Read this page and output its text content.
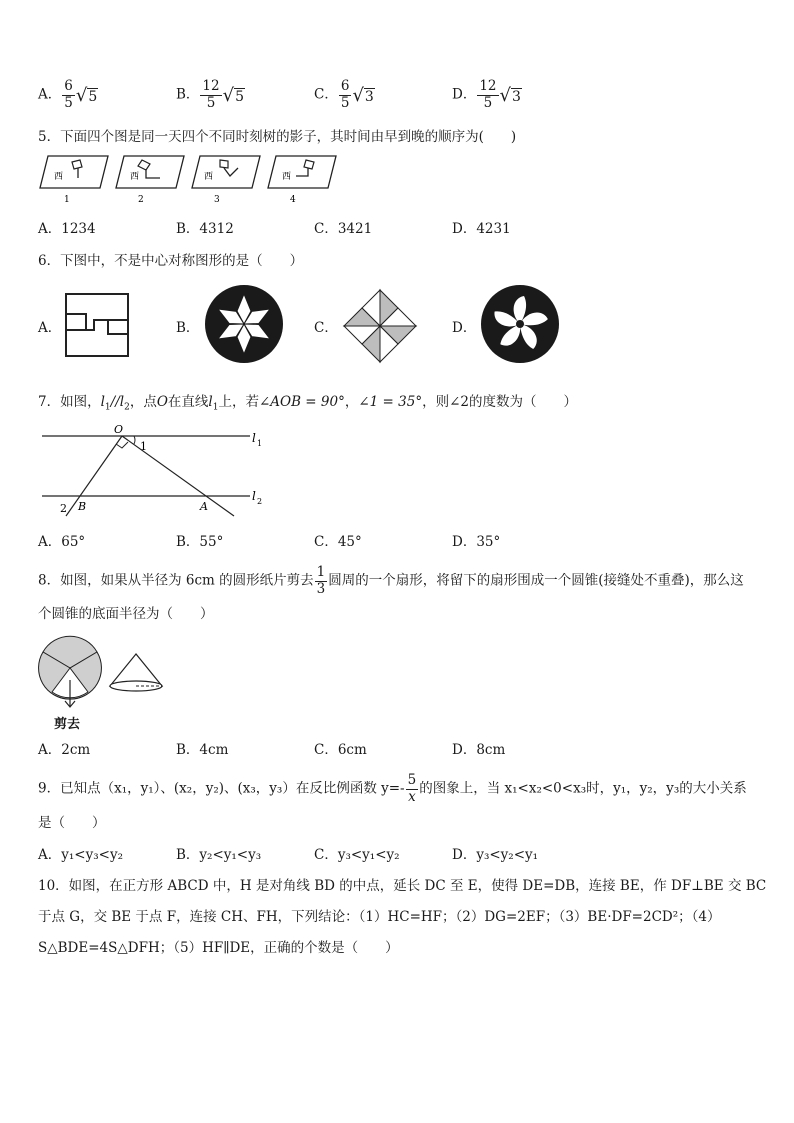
A． $\frac{6}{5} √5$	B． $\frac{12}{5} √5$	C． $\frac{6}{5} √3$	D． $\frac{12}{5} √3$
5．下面四个图是同一天四个不同时刻树的影子，其时间由早到晚的顺序为(　　)
西
1
西
2
西
3
西
4
A．1234	B．4312	C．3421	D．4231
6．下图中，不是中心对称图形的是（　　）
A．	B．	C．	D．
7．如图，$l_1//l_2$，点O在直线$l_1$上，若∠AOB = 90°，∠1 = 35°，则∠2的度数为（　　）
O
1
B
2	A
l 1
l 2
A．65°	B．55°	C．45°	D．35°
8．如图，如果从半径为 6cm 的圆形纸片剪去 $\frac{1}{3}$ 圆周的一个扇形，将留下的扇形围成一个圆锥(接缝处不重叠)，那么这
个圆锥的底面半径为（　　）
剪去
A．2cm	B．4cm	C．6cm	D．8cm
9．已知点（x₁，y₁）、(x₂，y₂)、(x₃，y₃）在反比例函数 $y=- \frac{5}{x}$ 的图象上，当 x₁<x₂<0<x₃时，y₁，y₂，y₃的大小关系
是（　　）
A．y₁<y₃<y₂	B．y₂<y₁<y₃	C．y₃<y₁<y₂	D．y₃<y₂<y₁
10．如图，在正方形 ABCD 中，H 是对角线 BD 的中点，延长 DC 至 E，使得 DE=DB，连接 BE，作 DF⊥BE 交 BC
于点 G，交 BE 于点 F，连接 CH、FH，下列结论：（1）HC=HF；（2）DG=2EF；（3）BE·DF=2CD²；（4）
S△BDE=4S△DFH；（5）HF∥DE，正确的个数是（　　）
